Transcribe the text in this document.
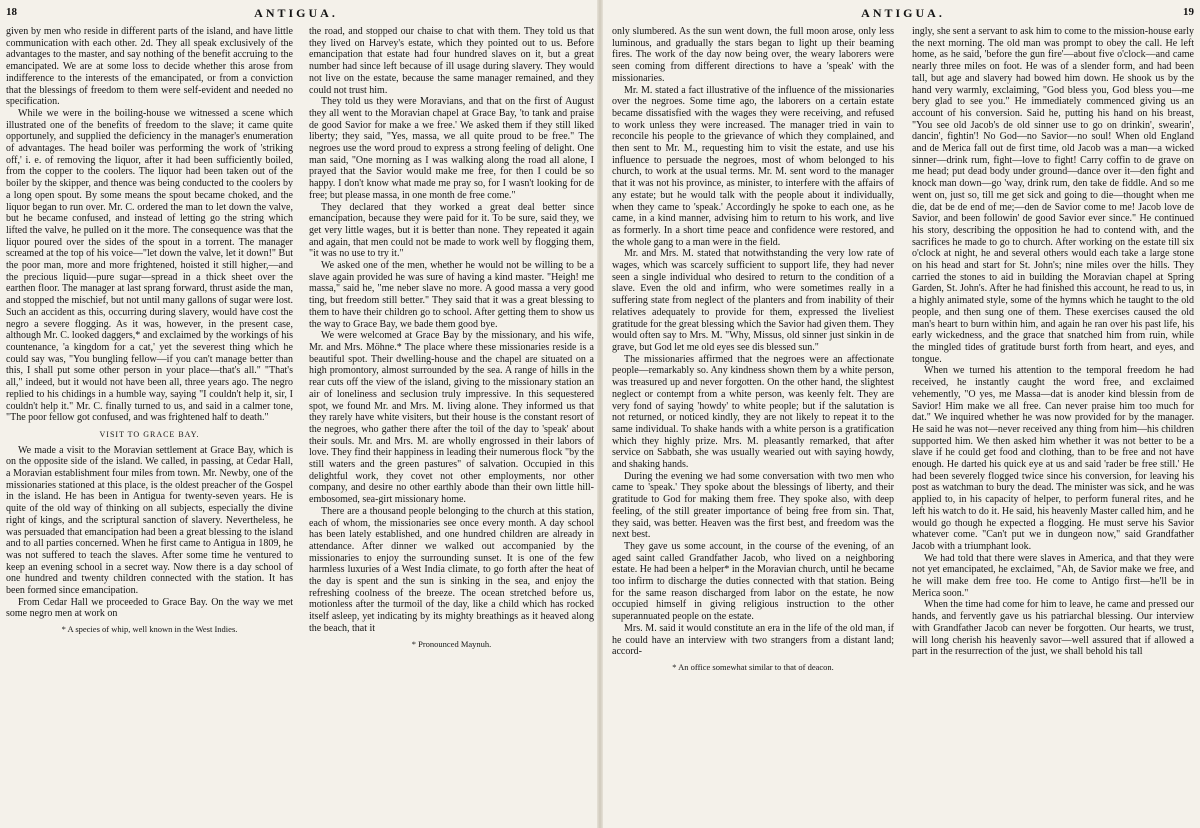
18	ANTIGUA.

given by men who reside in different parts of the island, and have little communication with each other. 2d. They all speak exclusively of the advantages to the master, and say nothing of the benefit accruing to the emancipated. We are at some loss to decide whether this arose from indifference to the interests of the emancipated, or from a conviction that the blessings of freedom to them were self-evident and needed no specification.

While we were in the boiling-house we witnessed a scene which illustrated one of the benefits of freedom to the slave; it came quite opportunely, and supplied the deficiency in the manager's enumeration of advantages. The head boiler was performing the work of 'striking off,' i. e. of removing the liquor, after it had been sufficiently boiled, from the copper to the coolers. The liquor had been taken out of the boiler by the skipper, and thence was being conducted to the coolers by a long open spout. By some means the spout became choked, and the liquor began to run over. Mr. C. ordered the man to let down the valve, but he became confused, and instead of letting go the string which lifted the valve, he pulled on it the more. The consequence was that the liquor poured over the sides of the spout in a torrent. The manager screamed at the top of his voice—"let down the valve, let it down!" But the poor man, more and more frightened, hoisted it still higher,—and the precious liquid—pure sugar—spread in a thick sheet over the earthen floor. The manager at last sprang forward, thrust aside the man, and stopped the mischief, but not until many gallons of sugar were lost. Such an accident as this, occurring during slavery, would have cost the negro a severe flogging. As it was, however, in the present case, although Mr. C. looked daggers,* and exclaimed by the workings of his countenance, 'a kingdom for a cat,' yet the severest thing which he could say was, "You bungling fellow—if you can't manage better than this, I shall put some other person in your place—that's all." "That's all," indeed, but it would not have been all, three years ago. The negro replied to his chidings in a humble way, saying "I couldn't help it, sir, I couldn't help it." Mr. C. finally turned to us, and said in a calmer tone, "The poor fellow got confused, and was frightened half to death."

VISIT TO GRACE BAY.

We made a visit to the Moravian settlement at Grace Bay, which is on the opposite side of the island. We called, in passing, at Cedar Hall, a Moravian establishment four miles from town. Mr. Newby, one of the missionaries stationed at this place, is the oldest preacher of the Gospel in the island. He has been in Antigua for twenty-seven years. He is quite of the old way of thinking on all subjects, especially the divine right of kings, and the scriptural sanction of slavery. Nevertheless, he was persuaded that emancipation had been a great blessing to the island and to all parties concerned. When he first came to Antigua in 1809, he was not suffered to teach the slaves. After some time he ventured to keep an evening school in a secret way. Now there is a day school of one hundred and twenty children connected with the station. It has been formed since emancipation.

From Cedar Hall we proceeded to Grace Bay. On the way we met some negro men at work on

* A species of whip, well known in the West Indies.

the road, and stopped our chaise to chat with them. They told us that they lived on Harvey's estate, which they pointed out to us. Before emancipation that estate had four hundred slaves on it, but a great number had since left because of ill usage during slavery. They would not live on the estate, because the same manager remained, and they could not trust him.

They told us they were Moravians, and that on the first of August they all went to the Moravian chapel at Grace Bay, 'to tank and praise de good Savior for make a we free.' We asked them if they still liked liberty; they said, "Yes, massa, we all quite proud to be free." The negroes use the word proud to express a strong feeling of delight. One man said, "One morning as I was walking along the road all alone, I prayed that the Savior would make me free, for then I could be so happy. I don't know what made me pray so, for I wasn't looking for de free; but please massa, in one month de free come."

They declared that they worked a great deal better since emancipation, because they were paid for it. To be sure, said they, we get very little wages, but it is better than none. They repeated it again and again, that men could not be made to work well by flogging them, "it was no use to try it."

We asked one of the men, whether he would not be willing to be a slave again provided he was sure of having a kind master. "Heigh! me massa," said he, "me neber slave no more. A good massa a very good ting, but freedom still better." They said that it was a great blessing to them to have their children go to school. After getting them to show us the way to Grace Bay, we bade them good bye.

We were welcomed at Grace Bay by the missionary, and his wife, Mr. and Mrs. Möhne.* The place where these missionaries reside is a beautiful spot. Their dwelling-house and the chapel are situated on a high promontory, almost surrounded by the sea. A range of hills in the rear cuts off the view of the island, giving to the missionary station an air of loneliness and seclusion truly impressive. In this sequestered spot, we found Mr. and Mrs. M. living alone. They informed us that they rarely have white visiters, but their house is the constant resort of the negroes, who gather there after the toil of the day to 'speak' about their souls. Mr. and Mrs. M. are wholly engrossed in their labors of love. They find their happiness in leading their numerous flock "by the still waters and the green pastures" of salvation. Occupied in this delightful work, they covet not other employments, nor other company, and desire no other earthly abode than their own little hill-embosomed, sea-girt missionary home.

There are a thousand people belonging to the church at this station, each of whom, the missionaries see once every month. A day school has been lately established, and one hundred children are already in attendance. After dinner we walked out accompanied by the missionaries to enjoy the surrounding sunset. It is one of the few harmless luxuries of a West India climate, to go forth after the heat of the day is spent and the sun is sinking in the sea, and enjoy the refreshing coolness of the breeze. The ocean stretched before us, motionless after the turmoil of the day, like a child which has rocked itself asleep, yet indicating by its mighty breathings as it heaved along the beach, that it

* Pronounced Maynuh.
ANTIGUA.	19

only slumbered. As the sun went down, the full moon arose, only less luminous, and gradually the stars began to light up their beaming fires. The work of the day now being over, the weary laborers were seen coming from different directions to have a 'speak' with the missionaries.

Mr. M. stated a fact illustrative of the influence of the missionaries over the negroes. Some time ago, the laborers on a certain estate became dissatisfied with the wages they were receiving, and refused to work unless they were increased. The manager tried in vain to reconcile his people to the grievance of which they complained, and then sent to Mr. M., requesting him to visit the estate, and use his influence to persuade the negroes, most of whom belonged to his church, to work at the usual terms. Mr. M. sent word to the manager that it was not his province, as minister, to interfere with the affairs of any estate; but he would talk with the people about it individually, when they came to 'speak.' Accordingly he spoke to each one, as he came, in a kind manner, advising him to return to his work, and live as formerly. In a short time peace and confidence were restored, and the whole gang to a man were in the field.

Mr. and Mrs. M. stated that notwithstanding the very low rate of wages, which was scarcely sufficient to support life, they had never seen a single individual who desired to return to the condition of a slave. Even the old and infirm, who were sometimes really in a suffering state from neglect of the planters and from inability of their relatives adequately to provide for them, expressed the liveliest gratitude for the great blessing which the Savior had given them. They would often say to Mrs. M. "Why, Missus, old sinner just sinkin in de grave, but God let me old eyes see dis blessed sun."

The missionaries affirmed that the negroes were an affectionate people—remarkably so. Any kindness shown them by a white person, was treasured up and never forgotten. On the other hand, the slightest neglect or contempt from a white person, was keenly felt. They are very fond of saying 'howdy' to white people; but if the salutation is not returned, or noticed kindly, they are not likely to repeat it to the same individual. To shake hands with a white person is a gratification which they highly prize. Mrs. M. pleasantly remarked, that after service on Sabbath, she was usually wearied out with saying howdy, and shaking hands.

During the evening we had some conversation with two men who came to 'speak.' They spoke about the blessings of liberty, and their gratitude to God for making them free. They spoke also, with deep feeling, of the still greater importance of being free from sin. That, they said, was better. Heaven was the first best, and freedom was the next best.

They gave us some account, in the course of the evening, of an aged saint called Grandfather Jacob, who lived on a neighboring estate. He had been a helper* in the Moravian church, until he became too infirm to discharge the duties connected with that station. Being for the same reason discharged from labor on the estate, he now occupied himself in giving religious instruction to the other superannuated people on the estate.

Mrs. M. said it would constitute an era in the life of the old man, if he could have an interview with two strangers from a distant land; accord-

* An office somewhat similar to that of deacon.

ingly, she sent a servant to ask him to come to the mission-house early the next morning. The old man was prompt to obey the call. He left home, as he said, 'before the gun fire'—about five o'clock—and came nearly three miles on foot. He was of a slender form, and had been tall, but age and slavery had bowed him down. He shook us by the hand very warmly, exclaiming, "God bless you, God bless you—me bery glad to see you." He immediately commenced giving us an account of his conversion. Said he, putting his hand on his breast, "You see old Jacob's de old sinner use to go on drinkin', swearin', dancin', fightin'! No God—no Savior—no soul! When old England and de Merica fall out de first time, old Jacob was a man—a wicked sinner—drink rum, fight—love to fight! Carry coffin to de grave on me head; put dead body under ground—dance over it—den fight and knock man down—go 'way, drink rum, den take de fiddle. And so me went on, just so, till me get sick and going to die—thought when me die, dat be de end of me;—den de Savior come to me! Jacob love de Savior, and been followin' de good Savior ever since." He continued his story, describing the opposition he had to contend with, and the sacrifices he made to go to church. After working on the estate till six o'clock at night, he and several others would each take a large stone on his head and start for St. John's; nine miles over the hills. They carried the stones to aid in building the Moravian chapel at Spring Garden, St. John's. After he had finished this account, he read to us, in a highly animated style, some of the hymns which he taught to the old people, and then sung one of them. These exercises caused the old man's heart to burn within him, and again he ran over his past life, his early wickedness, and the grace that snatched him from ruin, while the mingled tides of gratitude burst forth from heart, and eyes, and tongue.

When we turned his attention to the temporal freedom he had received, he instantly caught the word free, and exclaimed vehemently, "O yes, me Massa—dat is anoder kind blessin from de Savior! Him make we all free. Can never praise him too much for dat." We inquired whether he was now provided for by the manager. He said he was not—never received any thing from him—his children supported him. We then asked him whether it was not better to be a slave if he could get food and clothing, than to be free and not have enough. He darted his quick eye at us and said 'rader be free still.' He had been severely flogged twice since his conversion, for leaving his post as watchman to bury the dead. The minister was sick, and he was applied to, in his capacity of helper, to perform funeral rites, and he left his watch to do it. He said, his heavenly Master called him, and he would go though he expected a flogging. He must serve his Savior whatever come. "Can't put we in dungeon now," said Grandfather Jacob with a triumphant look.

We had told that there were slaves in America, and that they were not yet emancipated, he exclaimed, "Ah, de Savior make we free, and he will make dem free too. He come to Antigo first—he'll be in Merica soon."

When the time had come for him to leave, he came and pressed our hands, and fervently gave us his patriarchal blessing. Our interview with Grandfather Jacob can never be forgotten. Our hearts, we trust, will long cherish his heavenly savor—well assured that if allowed a part in the resurrection of the just, we shall behold his tall
